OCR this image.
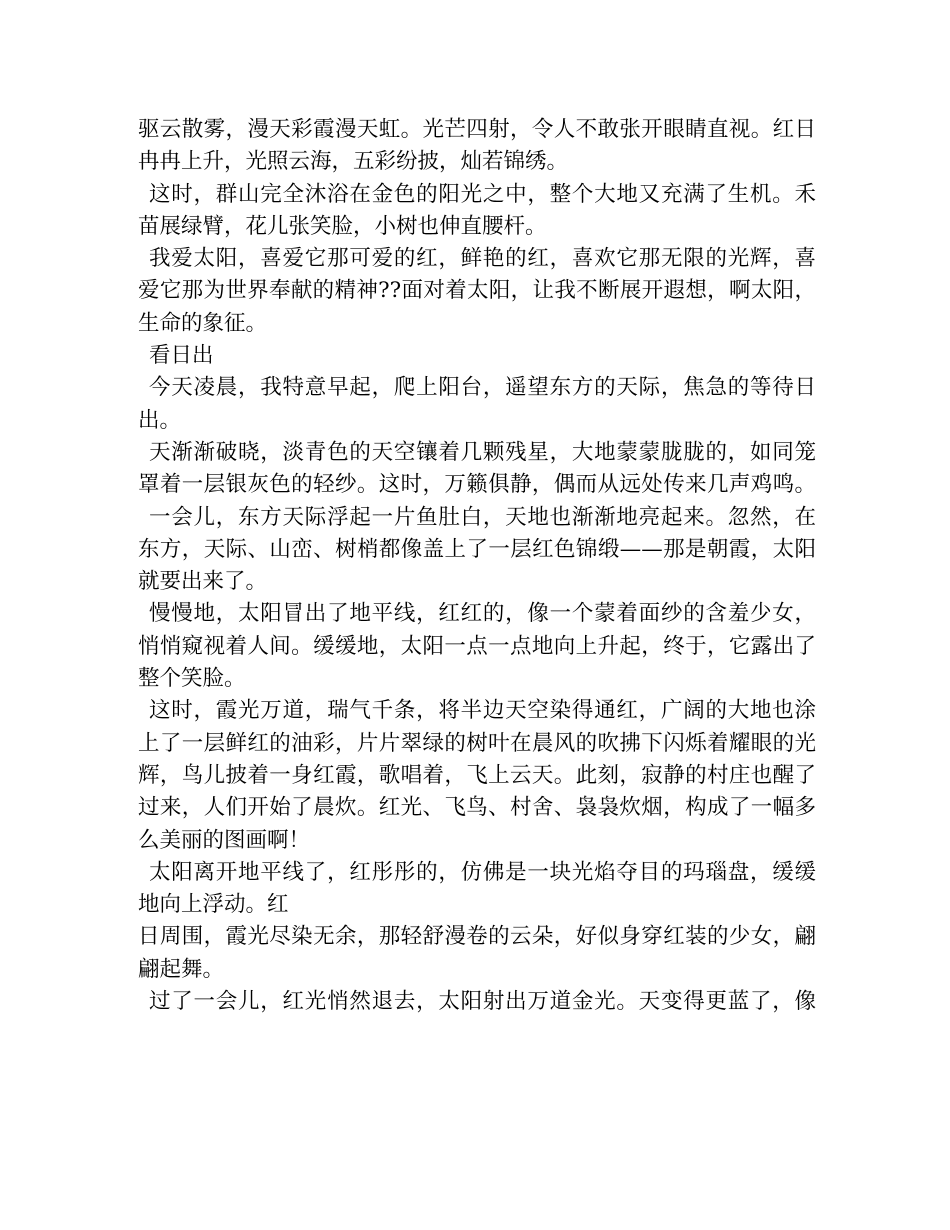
驱云散雾，漫天彩霞漫天虹。光芒四射，令人不敢张开眼睛直视。红日
冉冉上升，光照云海，五彩纷披，灿若锦绣。
这时，群山完全沐浴在金色的阳光之中，整个大地又充满了生机。禾
苗展绿臂，花儿张笑脸，小树也伸直腰杆。
我爱太阳，喜爱它那可爱的红，鲜艳的红，喜欢它那无限的光辉，喜
爱它那为世界奉献的精神??面对着太阳，让我不断展开遐想，啊太阳，
生命的象征。
看日出
今天凌晨，我特意早起，爬上阳台，遥望东方的天际，焦急的等待日
出。
天渐渐破晓，淡青色的天空镶着几颗残星，大地蒙蒙胧胧的，如同笼
罩着一层银灰色的轻纱。这时，万籁俱静，偶而从远处传来几声鸡鸣。
一会儿，东方天际浮起一片鱼肚白，天地也渐渐地亮起来。忽然，在
东方，天际、山峦、树梢都像盖上了一层红色锦缎——那是朝霞，太阳
就要出来了。
慢慢地，太阳冒出了地平线，红红的，像一个蒙着面纱的含羞少女，
悄悄窥视着人间。缓缓地，太阳一点一点地向上升起，终于，它露出了
整个笑脸。
这时，霞光万道，瑞气千条，将半边天空染得通红，广阔的大地也涂
上了一层鲜红的油彩，片片翠绿的树叶在晨风的吹拂下闪烁着耀眼的光
辉，鸟儿披着一身红霞，歌唱着，飞上云天。此刻，寂静的村庄也醒了
过来，人们开始了晨炊。红光、飞鸟、村舍、袅袅炊烟，构成了一幅多
么美丽的图画啊！
太阳离开地平线了，红彤彤的，仿佛是一块光焰夺目的玛瑙盘，缓缓
地向上浮动。红
日周围，霞光尽染无余，那轻舒漫卷的云朵，好似身穿红装的少女，翩
翩起舞。
过了一会儿，红光悄然退去，太阳射出万道金光。天变得更蓝了，像
